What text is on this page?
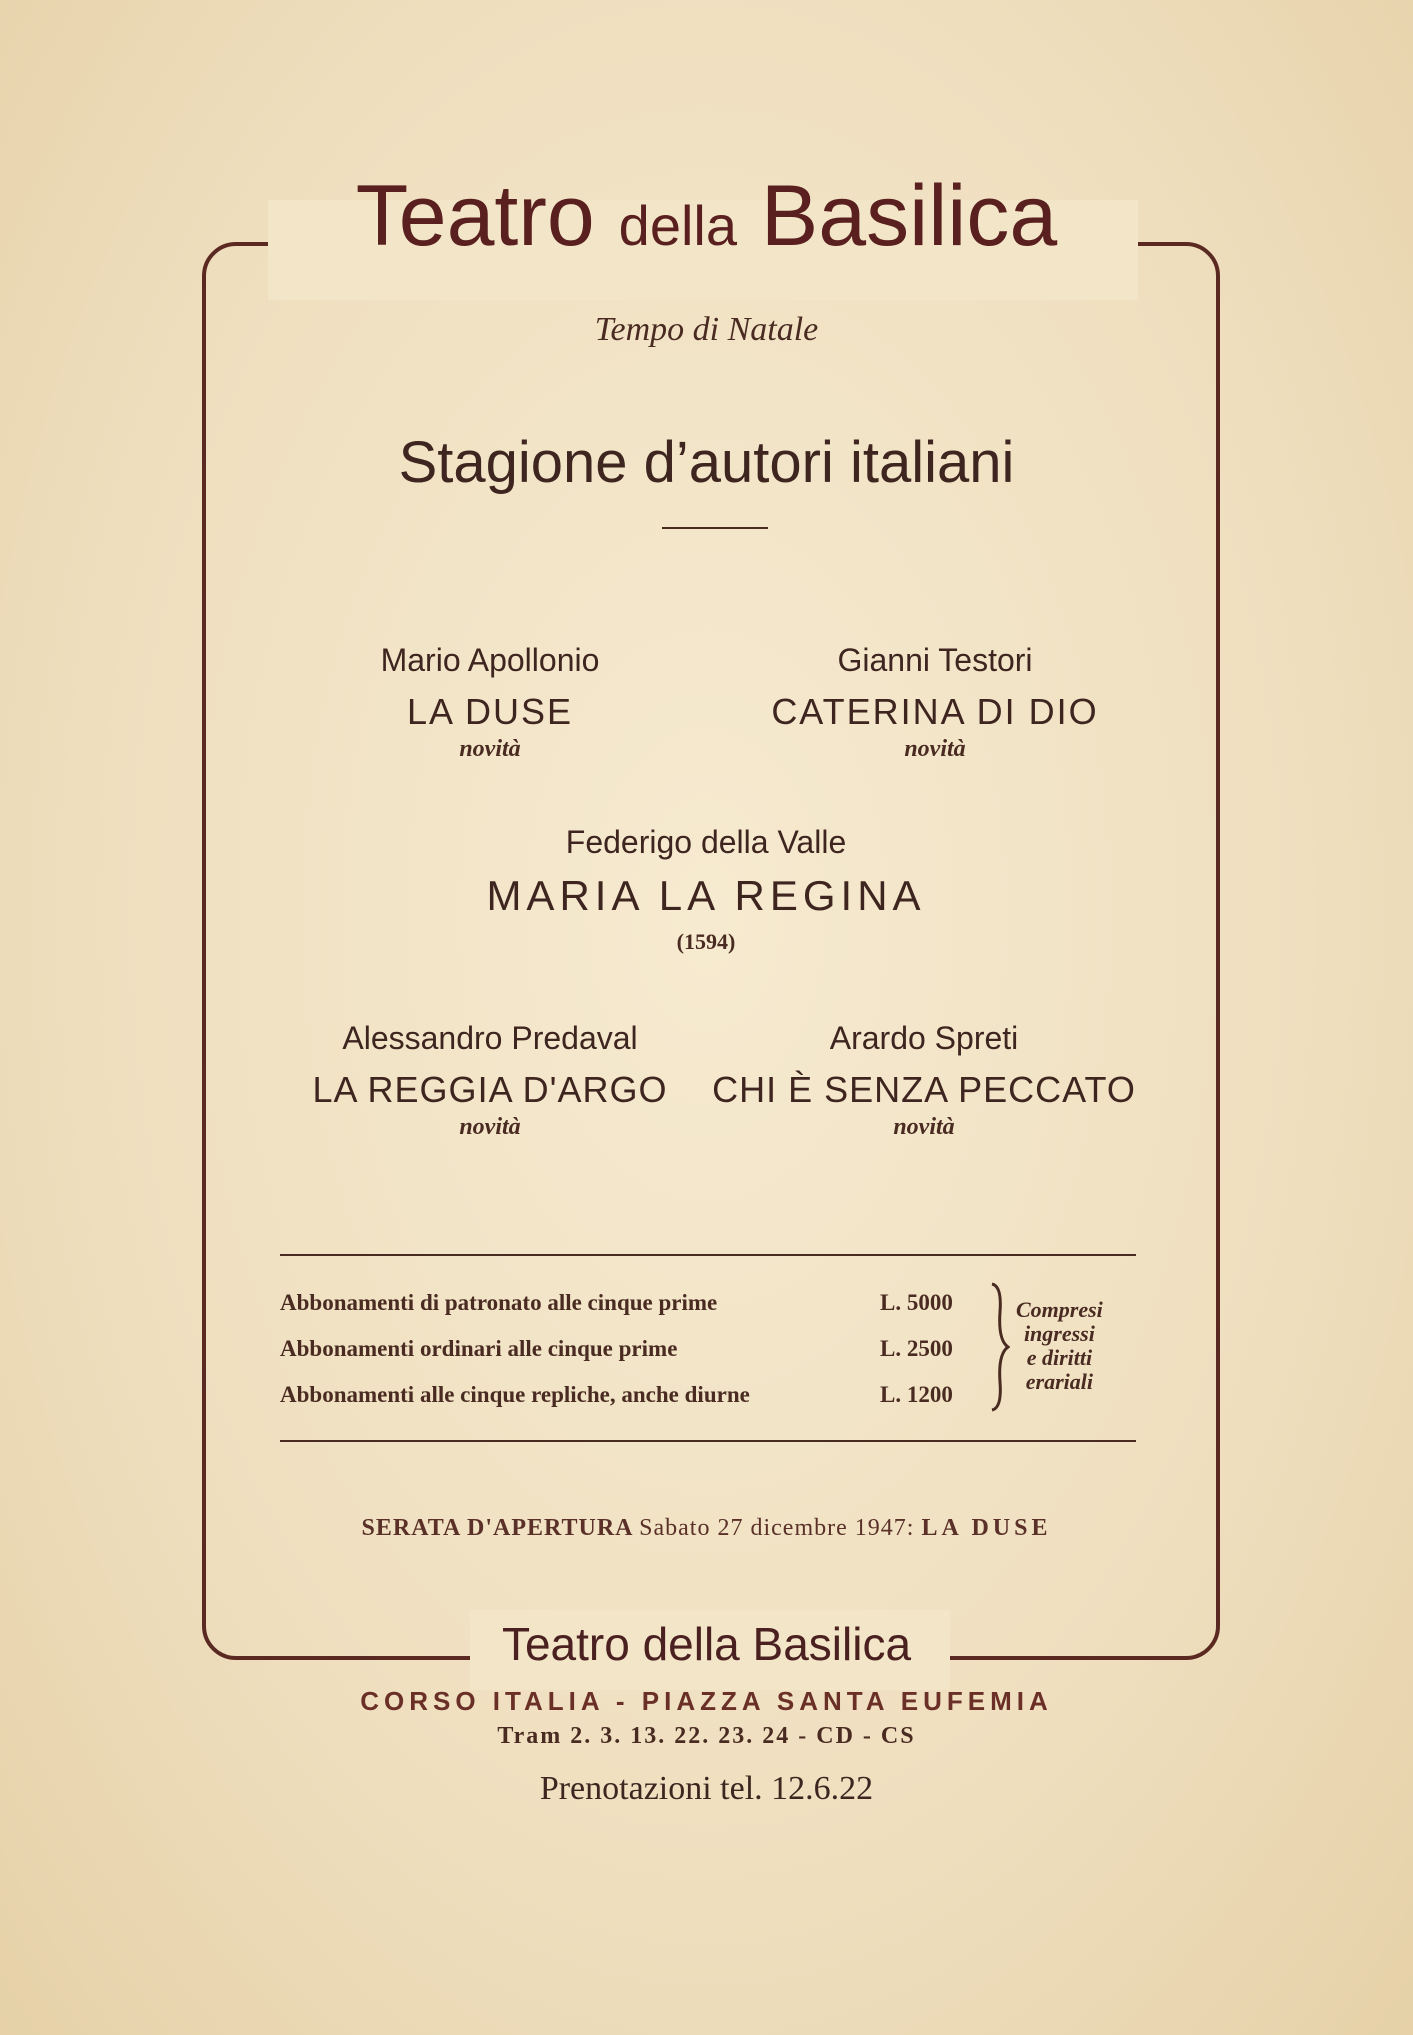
Teatro della Basilica
Tempo di Natale
Stagione d’autori italiani
Mario Apollonio
LA DUSE
novità
Gianni Testori
CATERINA DI DIO
novità
Federigo della Valle
MARIA LA REGINA
(1594)
Alessandro Predaval
LA REGGIA D'ARGO
novità
Arardo Spreti
CHI È SENZA PECCATO
novità
Abbonamenti di patronato alle cinque prime	L. 5000
Abbonamenti ordinari alle cinque prime	L. 2500
Abbonamenti alle cinque repliche, anche diurne	L. 1200
Compresi
ingressi
e diritti
erariali
SERATA D'APERTURA Sabato 27 dicembre 1947: LA DUSE
Teatro della Basilica
CORSO ITALIA - PIAZZA SANTA EUFEMIA
Tram 2. 3. 13. 22. 23. 24 - CD - CS
Prenotazioni tel. 12.6.22
